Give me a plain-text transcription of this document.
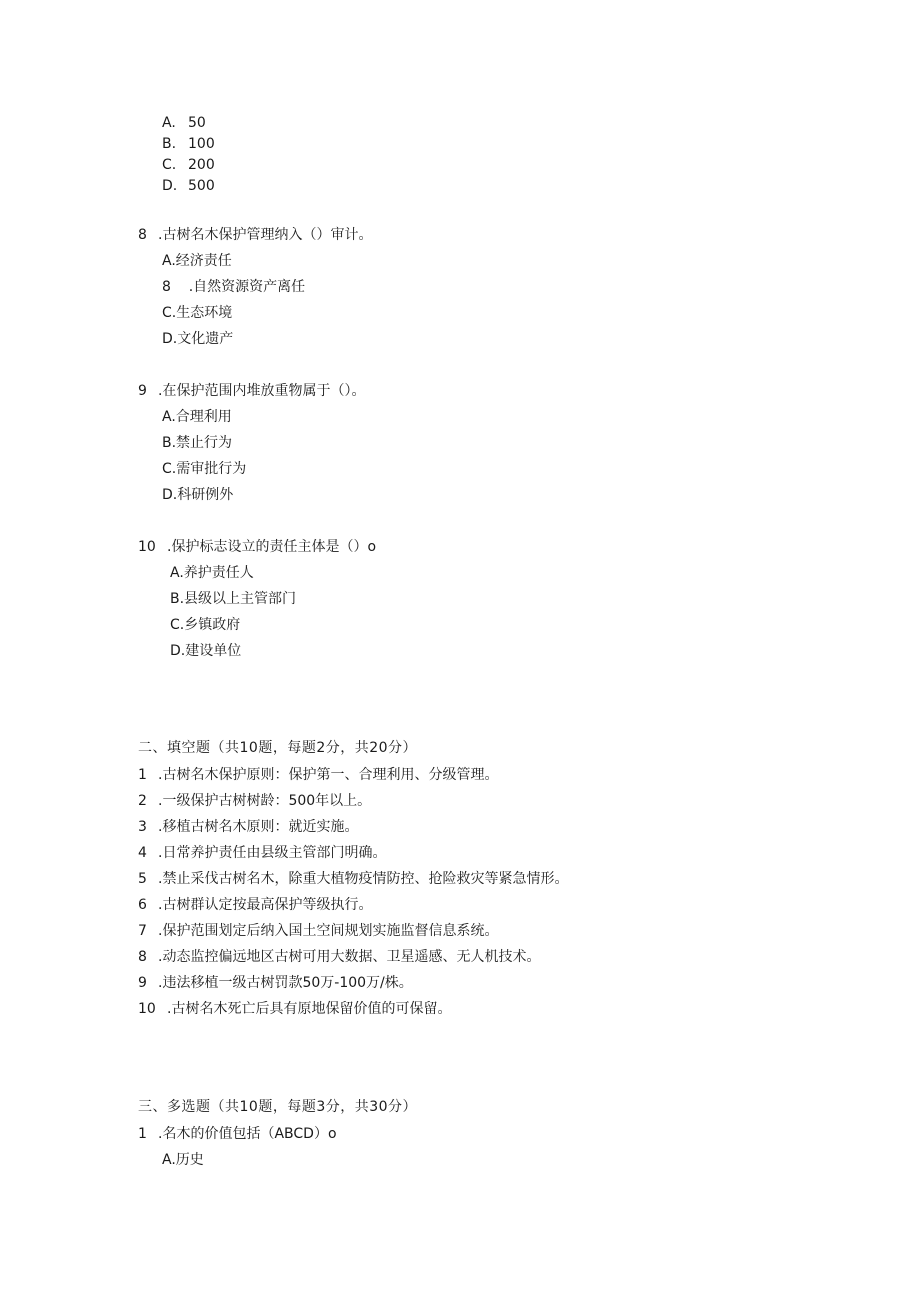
A. 50
B. 100
C. 200
D. 500
8 .古树名木保护管理纳入（）审计。
A.经济责任
8    .自然资源资产离任
C.生态环境
D.文化遗产
9 .在保护范围内堆放重物属于（）。
A.合理利用
B.禁止行为
C.需审批行为
D.科研例外
10 .保护标志设立的责任主体是（）o
A.养护责任人
B.县级以上主管部门
C.乡镇政府
D.建设单位
二、填空题（共10题，每题2分，共20分）
1 .古树名木保护原则：保护第一、合理利用、分级管理。
2 .一级保护古树树龄：500年以上。
3 .移植古树名木原则：就近实施。
4 .日常养护责任由县级主管部门明确。
5 .禁止采伐古树名木，除重大植物疫情防控、抢险救灾等紧急情形。
6 .古树群认定按最高保护等级执行。
7 .保护范围划定后纳入国土空间规划实施监督信息系统。
8 .动态监控偏远地区古树可用大数据、卫星遥感、无人机技术。
9 .违法移植一级古树罚款50万-100万/株。
10 .古树名木死亡后具有原地保留价值的可保留。
三、多选题（共10题，每题3分，共30分）
1 .名木的价值包括（ABCD）o
A.历史
